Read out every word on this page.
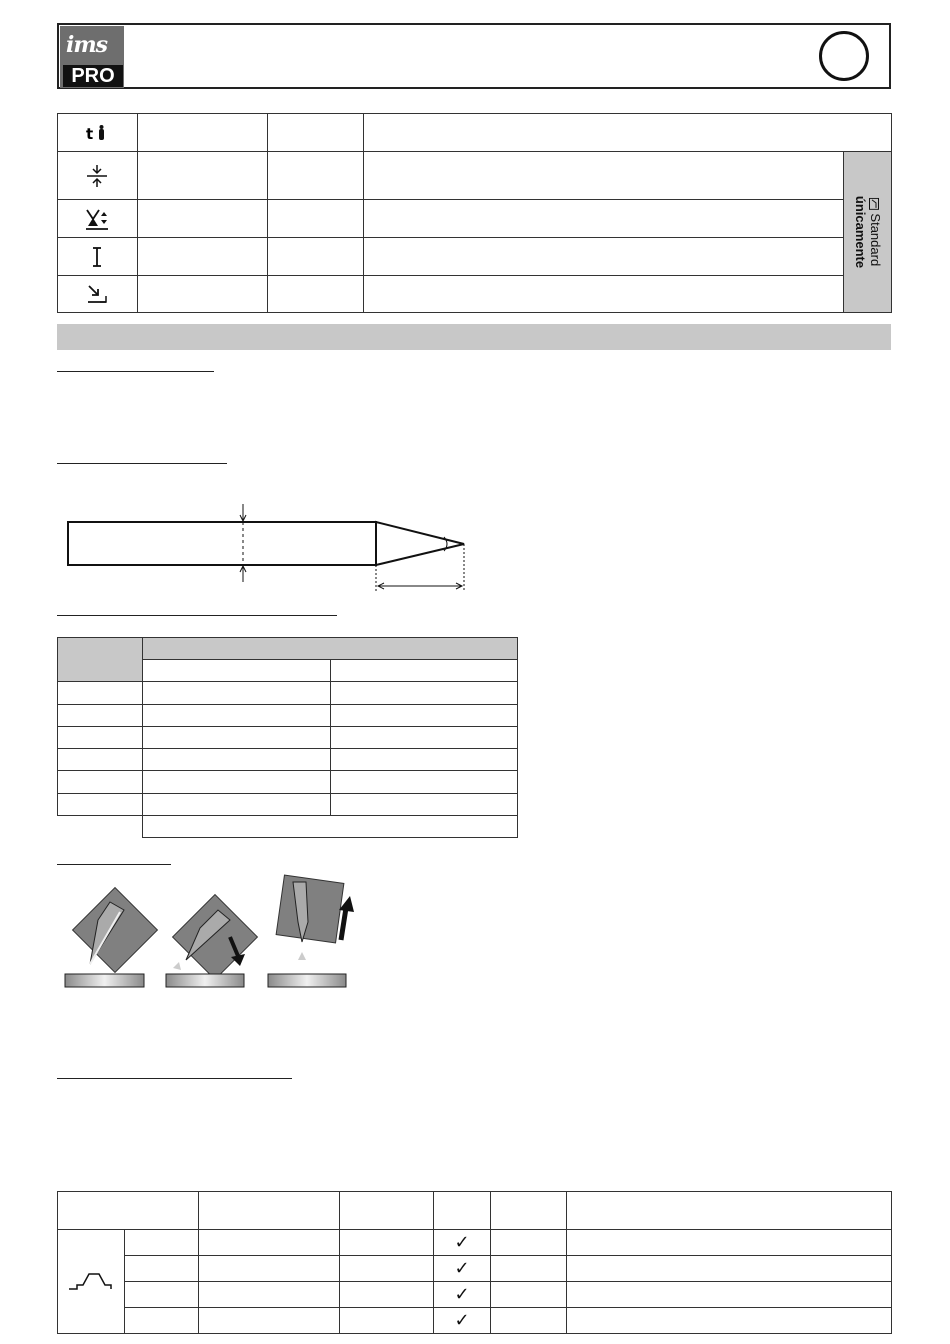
ims
PRO
t				

Standard
únicamente

				✓		
				✓		
				✓		
				✓		
